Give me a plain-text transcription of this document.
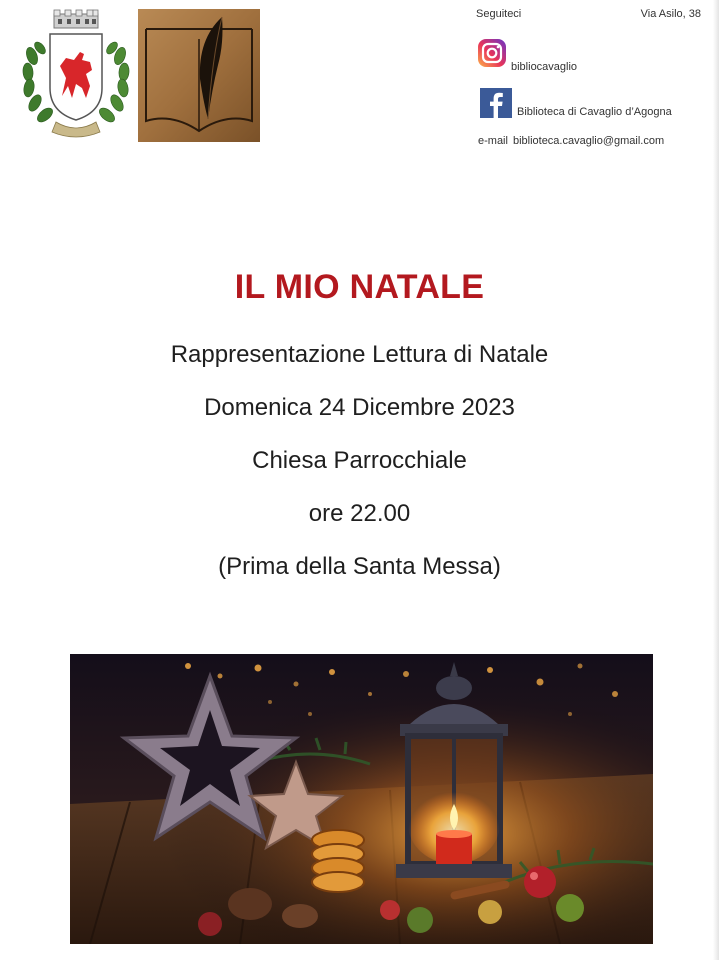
Seguiteci	Via Asilo, 38
bibliocavaglio
Biblioteca di Cavaglio d’Agogna
e-mail biblioteca.cavaglio@gmail.com
IL MIO NATALE
Rappresentazione Lettura di Natale
Domenica 24 Dicembre 2023
Chiesa Parrocchiale
ore 22.00
(Prima della Santa Messa)
